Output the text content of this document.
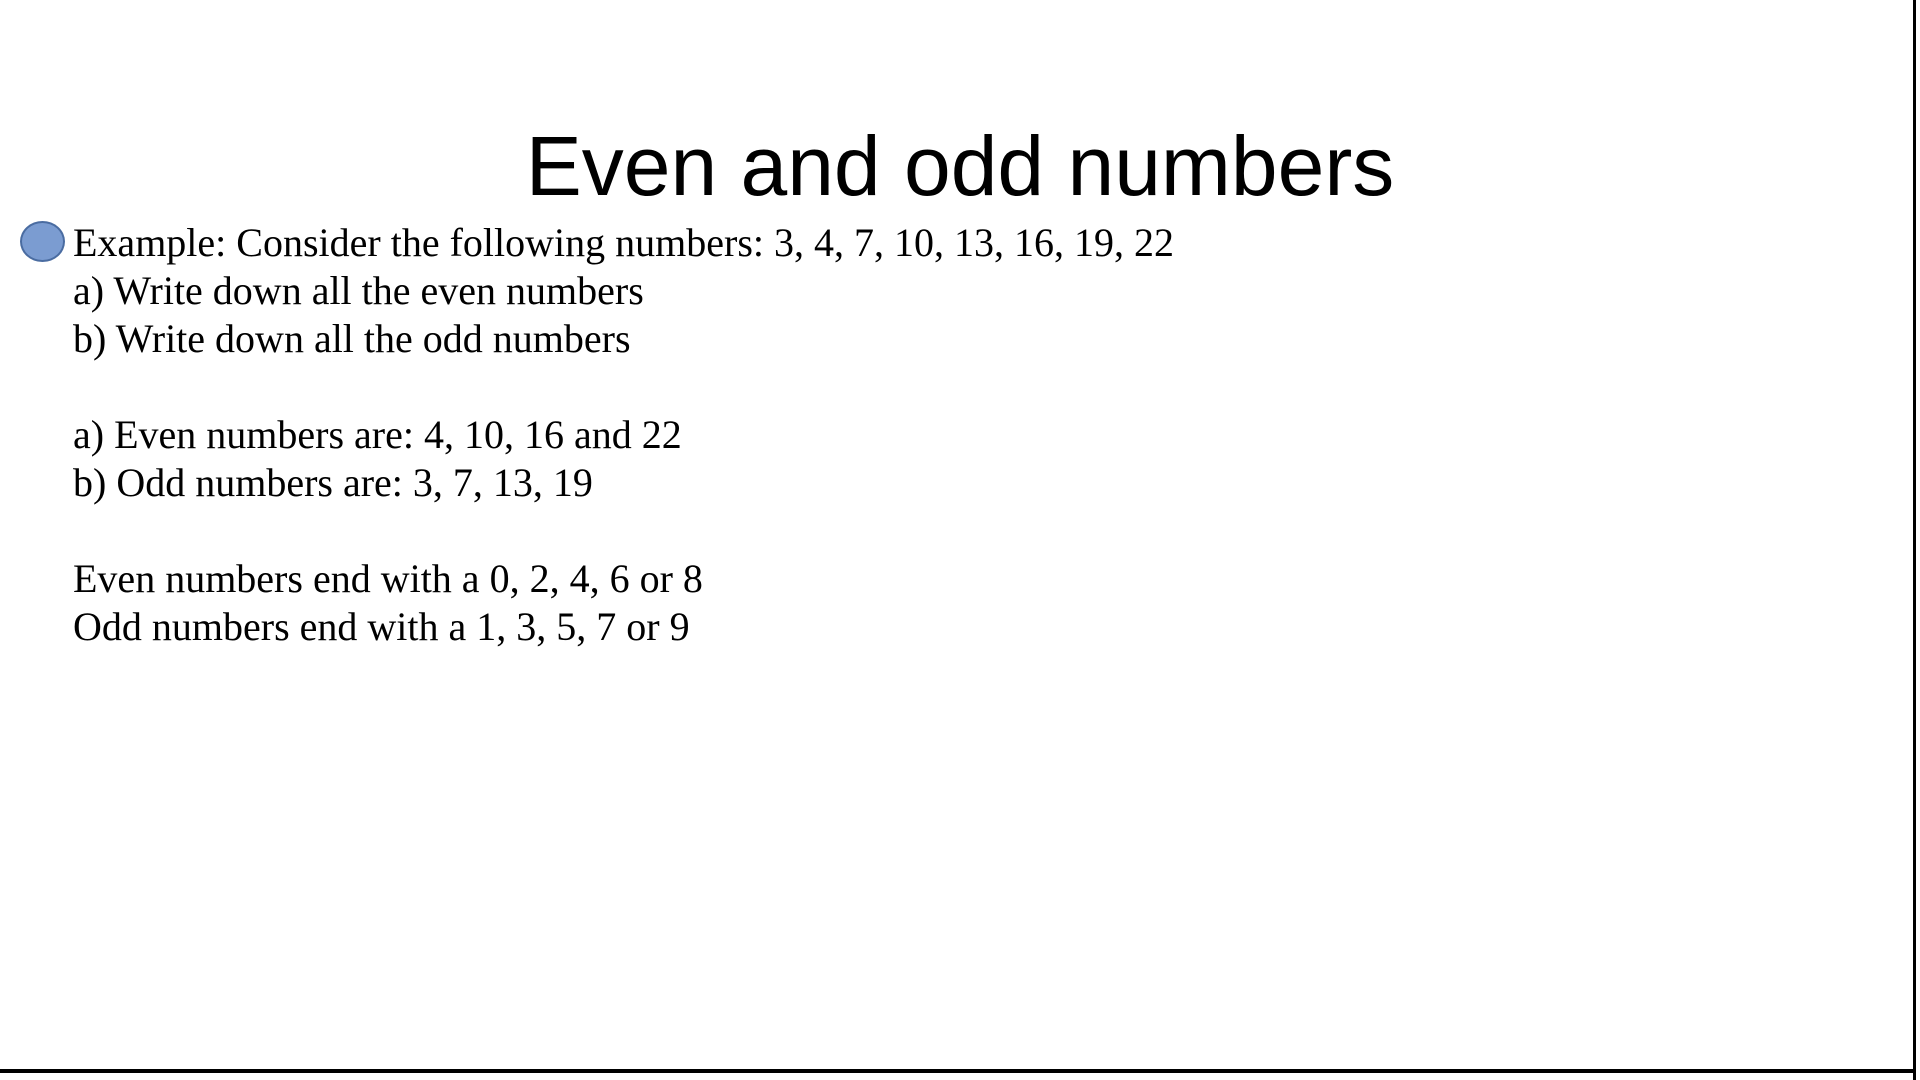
Even and odd numbers
Example: Consider the following numbers: 3, 4, 7, 10, 13, 16, 19, 22
a) Write down all the even numbers
b) Write down all the odd numbers
a) Even numbers are: 4, 10, 16 and 22
b) Odd numbers are: 3, 7, 13, 19
Even numbers end with a 0, 2, 4, 6 or 8
Odd numbers end with a 1, 3, 5, 7 or 9
